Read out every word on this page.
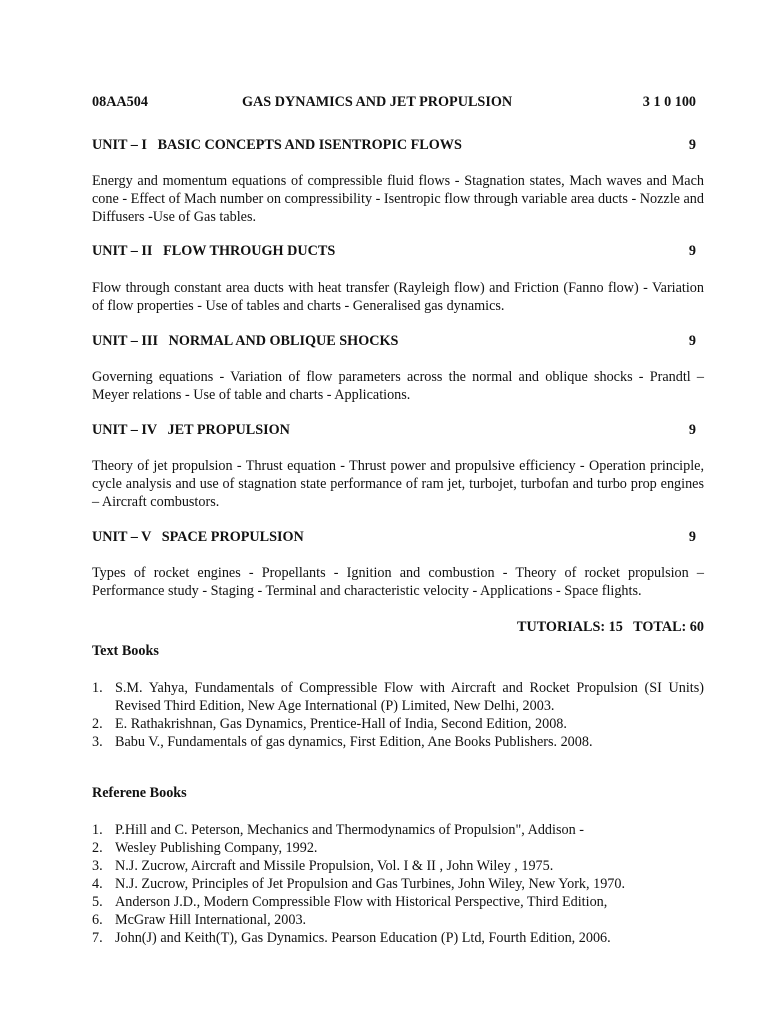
08AA504	GAS DYNAMICS AND JET PROPULSION	3 1 0 100
UNIT – I   BASIC CONCEPTS AND ISENTROPIC FLOWS	9
Energy and momentum equations of compressible fluid flows - Stagnation states, Mach waves and Mach cone - Effect of Mach number on compressibility - Isentropic flow through variable area ducts - Nozzle and Diffusers -Use of Gas tables.
UNIT – II   FLOW THROUGH DUCTS	9
Flow through constant area ducts with heat transfer (Rayleigh flow) and Friction (Fanno flow) - Variation of flow properties - Use of tables and charts - Generalised gas dynamics.
UNIT – III   NORMAL AND OBLIQUE SHOCKS	9
Governing equations - Variation of flow parameters across the normal and oblique shocks - Prandtl – Meyer relations - Use of table and charts - Applications.
UNIT – IV   JET PROPULSION	9
Theory of jet propulsion - Thrust equation - Thrust power and propulsive efficiency - Operation principle, cycle analysis and use of stagnation state performance of ram jet, turbojet, turbofan and turbo prop engines – Aircraft combustors.
UNIT – V   SPACE PROPULSION	9
Types of rocket engines - Propellants - Ignition and combustion - Theory of rocket propulsion – Performance study - Staging - Terminal and characteristic velocity - Applications - Space flights.
TUTORIALS: 15   TOTAL: 60
Text Books
1. S.M. Yahya, Fundamentals of Compressible Flow with Aircraft and Rocket Propulsion (SI Units) Revised Third Edition, New Age International (P) Limited, New Delhi, 2003.
2. E. Rathakrishnan, Gas Dynamics, Prentice-Hall of India, Second Edition, 2008.
3. Babu V., Fundamentals of gas dynamics, First Edition, Ane Books Publishers. 2008.
Referene Books
1. P.Hill and C. Peterson, Mechanics and Thermodynamics of Propulsion", Addison -
2. Wesley Publishing Company, 1992.
3. N.J. Zucrow, Aircraft and Missile Propulsion, Vol. I & II , John Wiley , 1975.
4. N.J. Zucrow, Principles of Jet Propulsion and Gas Turbines, John Wiley, New York, 1970.
5. Anderson J.D., Modern Compressible Flow with Historical Perspective, Third Edition,
6. McGraw Hill International, 2003.
7. John(J) and Keith(T), Gas Dynamics. Pearson Education (P) Ltd, Fourth Edition, 2006.
